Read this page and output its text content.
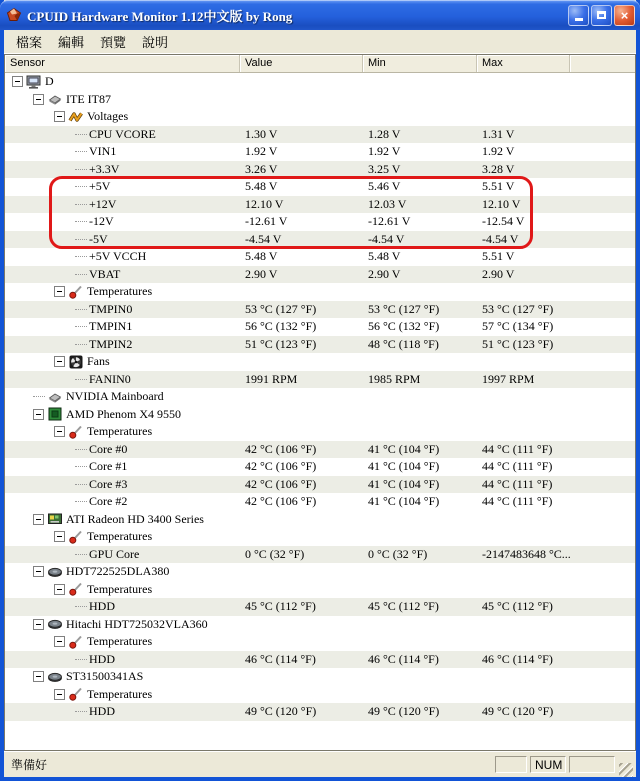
CPUID Hardware Monitor 1.12中文版 by Rong	×
檔案	編輯	預覽	說明
Sensor	Value	Min	Max
D
ITE IT87
Voltages
CPU VCORE	1.30 V	1.28 V	1.31 V
VIN1	1.92 V	1.92 V	1.92 V
+3.3V	3.26 V	3.25 V	3.28 V
+5V	5.48 V	5.46 V	5.51 V
+12V	12.10 V	12.03 V	12.10 V
-12V	-12.61 V	-12.61 V	-12.54 V
-5V	-4.54 V	-4.54 V	-4.54 V
+5V VCCH	5.48 V	5.48 V	5.51 V
VBAT	2.90 V	2.90 V	2.90 V
Temperatures
TMPIN0	53 °C (127 °F)	53 °C (127 °F)	53 °C (127 °F)
TMPIN1	56 °C (132 °F)	56 °C (132 °F)	57 °C (134 °F)
TMPIN2	51 °C (123 °F)	48 °C (118 °F)	51 °C (123 °F)
Fans
FANIN0	1991 RPM	1985 RPM	1997 RPM
NVIDIA Mainboard
AMD Phenom X4 9550
Temperatures
Core #0	42 °C (106 °F)	41 °C (104 °F)	44 °C (111 °F)
Core #1	42 °C (106 °F)	41 °C (104 °F)	44 °C (111 °F)
Core #3	42 °C (106 °F)	41 °C (104 °F)	44 °C (111 °F)
Core #2	42 °C (106 °F)	41 °C (104 °F)	44 °C (111 °F)
ATI Radeon HD 3400 Series
Temperatures
GPU Core	0 °C (32 °F)	0 °C (32 °F)	-2147483648 °C...
HDT722525DLA380
Temperatures
HDD	45 °C (112 °F)	45 °C (112 °F)	45 °C (112 °F)
Hitachi HDT725032VLA360
Temperatures
HDD	46 °C (114 °F)	46 °C (114 °F)	46 °C (114 °F)
ST31500341AS
Temperatures
HDD	49 °C (120 °F)	49 °C (120 °F)	49 °C (120 °F)
準備好	NUM
